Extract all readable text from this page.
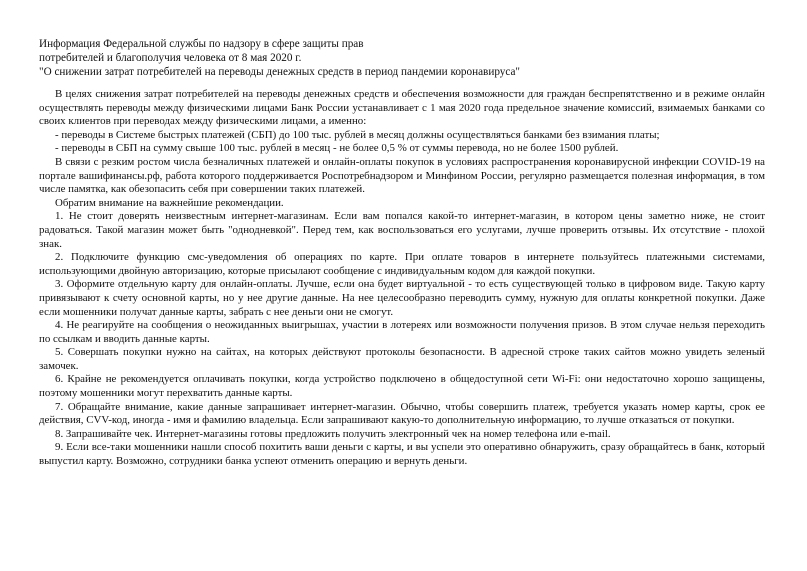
Информация Федеральной службы по надзору в сфере защиты прав
потребителей и благополучия человека от 8 мая 2020 г.
"О снижении затрат потребителей на переводы денежных средств в период пандемии коронавируса"

В целях снижения затрат потребителей на переводы денежных средств и обеспечения возможности для граждан беспрепятственно и в режиме онлайн осуществлять переводы между физическими лицами Банк России устанавливает с 1 мая 2020 года предельное значение комиссий, взимаемых банками со своих клиентов при переводах между физическими лицами, а именно:

- переводы в Системе быстрых платежей (СБП) до 100 тыс. рублей в месяц должны осуществляться банками без взимания платы;

- переводы в СБП на сумму свыше 100 тыс. рублей в месяц - не более 0,5 % от суммы перевода, но не более 1500 рублей.

В связи с резким ростом числа безналичных платежей и онлайн-оплаты покупок в условиях распространения коронавирусной инфекции COVID-19 на портале вашифинансы.рф, работа которого поддерживается Роспотребнадзором и Минфином России, регулярно размещается полезная информация, в том числе памятка, как обезопасить себя при совершении таких платежей.

Обратим внимание на важнейшие рекомендации.

1. Не стоит доверять неизвестным интернет-магазинам. Если вам попался какой-то интернет-магазин, в котором цены заметно ниже, не стоит радоваться. Такой магазин может быть "однодневкой". Перед тем, как воспользоваться его услугами, лучше проверить отзывы. Их отсутствие - плохой знак.

2. Подключите функцию смс-уведомления об операциях по карте. При оплате товаров в интернете пользуйтесь платежными системами, использующими двойную авторизацию, которые присылают сообщение с индивидуальным кодом для каждой покупки.

3. Оформите отдельную карту для онлайн-оплаты. Лучше, если она будет виртуальной - то есть существующей только в цифровом виде. Такую карту привязывают к счету основной карты, но у нее другие данные. На нее целесообразно переводить сумму, нужную для оплаты конкретной покупки. Даже если мошенники получат данные карты, забрать с нее деньги они не смогут.

4. Не реагируйте на сообщения о неожиданных выигрышах, участии в лотереях или возможности получения призов. В этом случае нельзя переходить по ссылкам и вводить данные карты.

5. Совершать покупки нужно на сайтах, на которых действуют протоколы безопасности. В адресной строке таких сайтов можно увидеть зеленый замочек.

6. Крайне не рекомендуется оплачивать покупки, когда устройство подключено в общедоступной сети Wi-Fi: они недостаточно хорошо защищены, поэтому мошенники могут перехватить данные карты.

7. Обращайте внимание, какие данные запрашивает интернет-магазин. Обычно, чтобы совершить платеж, требуется указать номер карты, срок ее действия, CVV-код, иногда - имя и фамилию владельца. Если запрашивают какую-то дополнительную информацию, то лучше отказаться от покупки.

8. Запрашивайте чек. Интернет-магазины готовы предложить получить электронный чек на номер телефона или e-mail.

9. Если все-таки мошенники нашли способ похитить ваши деньги с карты, и вы успели это оперативно обнаружить, сразу обращайтесь в банк, который выпустил карту. Возможно, сотрудники банка успеют отменить операцию и вернуть деньги.
